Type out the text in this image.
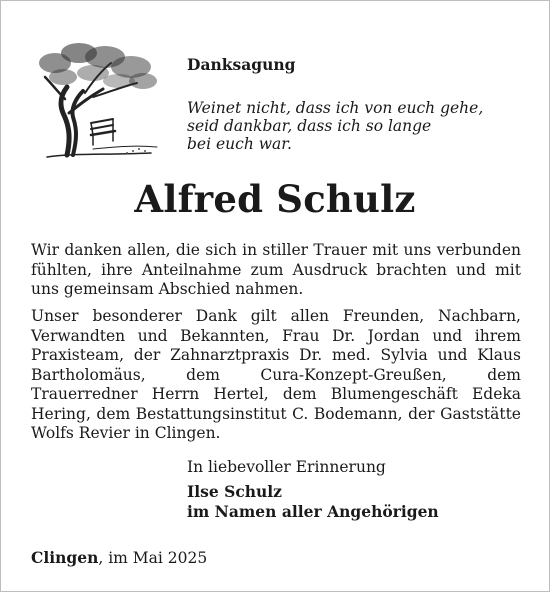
Danksagung
Weinet nicht, dass ich von euch gehe,
seid dankbar, dass ich so lange
bei euch war.
Alfred Schulz
Wir danken allen, die sich in stiller Trauer mit uns verbunden fühlten, ihre Anteilnahme zum Ausdruck brachten und mit uns gemeinsam Abschied nahmen.
Unser besonderer Dank gilt allen Freunden, Nachbarn, Verwandten und Bekannten, Frau Dr. Jordan und ihrem Praxisteam, der Zahnarztpraxis Dr. med. Sylvia und Klaus Bartholomäus, dem Cura-Konzept-Greußen, dem Trauerredner Herrn Hertel, dem Blumengeschäft Edeka Hering, dem Bestattungsinstitut C. Bodemann, der Gaststätte Wolfs Revier in Clingen.
In liebevoller Erinnerung
Ilse Schulz
im Namen aller Angehörigen
Clingen, im Mai 2025
